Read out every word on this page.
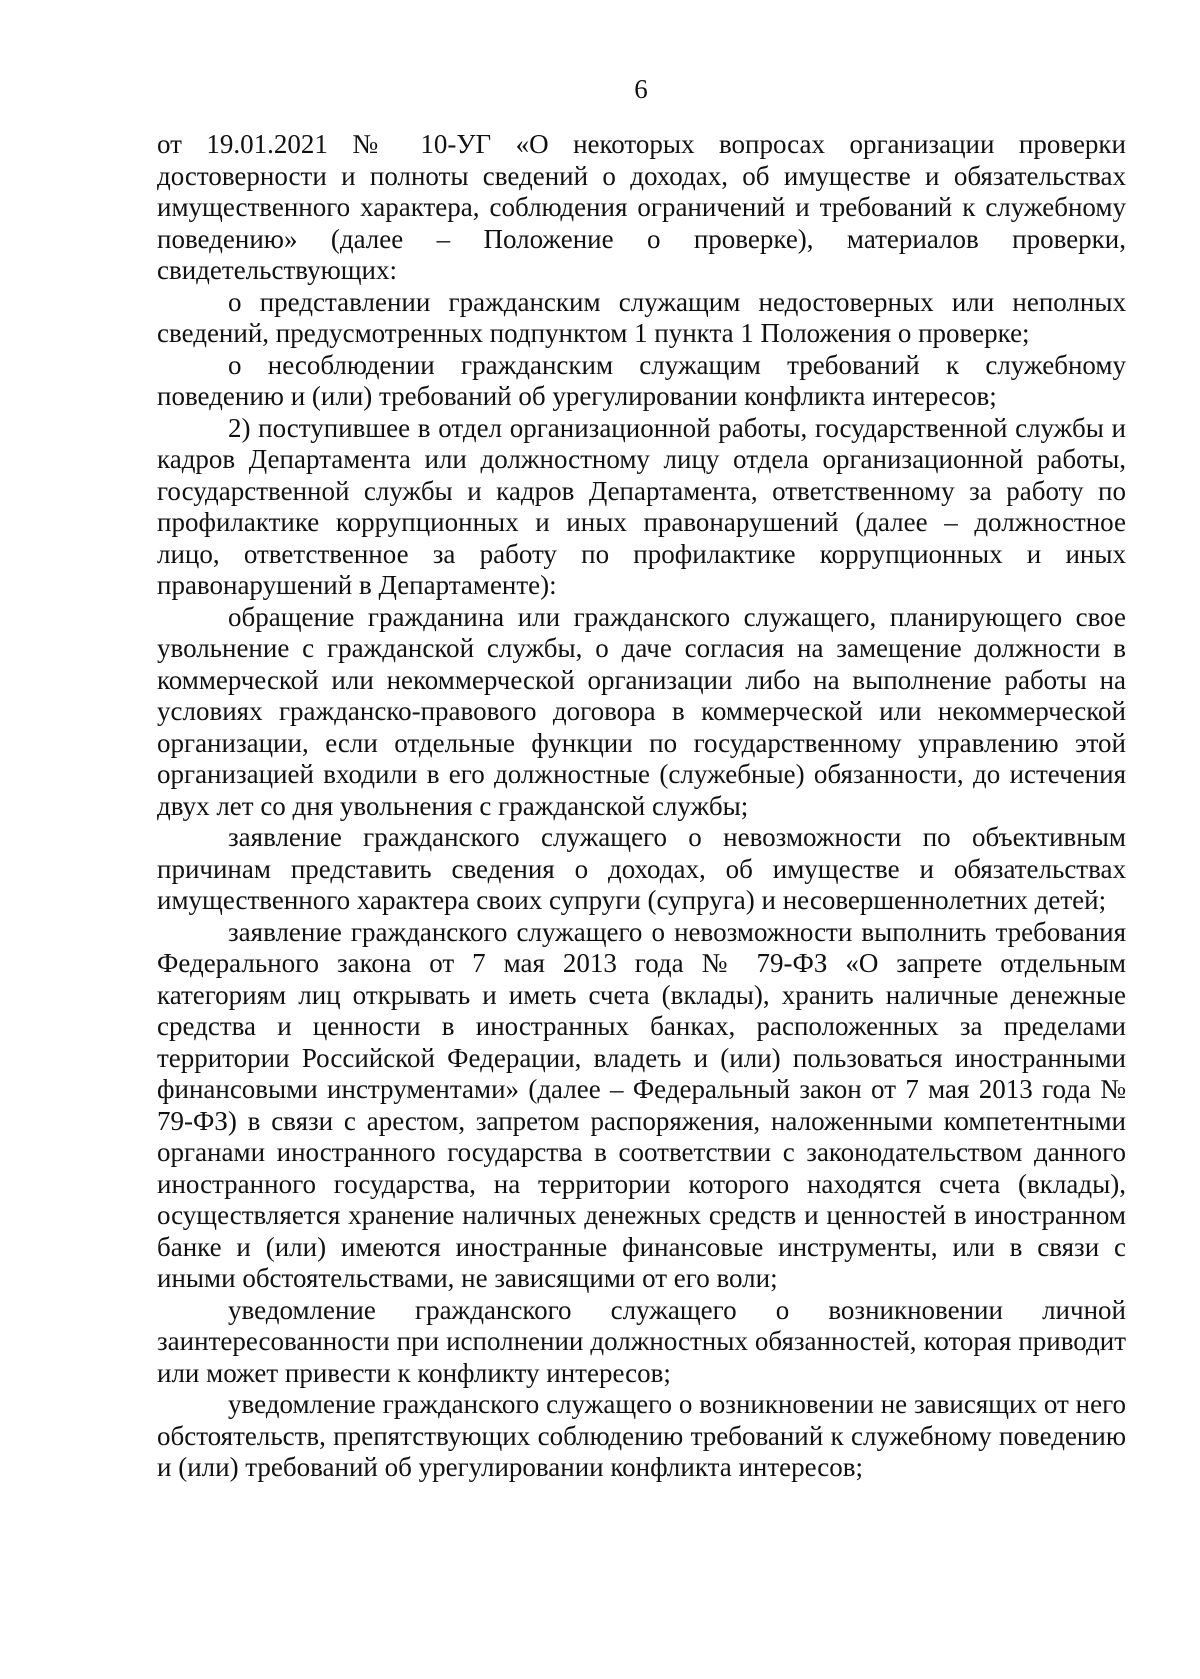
6

от 19.01.2021 № 10-УГ «О некоторых вопросах организации проверки достоверности и полноты сведений о доходах, об имуществе и обязательствах имущественного характера, соблюдения ограничений и требований к служебному поведению» (далее – Положение о проверке), материалов проверки, свидетельствующих:

о представлении гражданским служащим недостоверных или неполных сведений, предусмотренных подпунктом 1 пункта 1 Положения о проверке;

о несоблюдении гражданским служащим требований к служебному поведению и (или) требований об урегулировании конфликта интересов;

2) поступившее в отдел организационной работы, государственной службы и кадров Департамента или должностному лицу отдела организационной работы, государственной службы и кадров Департамента, ответственному за работу по профилактике коррупционных и иных правонарушений (далее – должностное лицо, ответственное за работу по профилактике коррупционных и иных правонарушений в Департаменте):

обращение гражданина или гражданского служащего, планирующего свое увольнение с гражданской службы, о даче согласия на замещение должности в коммерческой или некоммерческой организации либо на выполнение работы на условиях гражданско-правового договора в коммерческой или некоммерческой организации, если отдельные функции по государственному управлению этой организацией входили в его должностные (служебные) обязанности, до истечения двух лет со дня увольнения с гражданской службы;

заявление гражданского служащего о невозможности по объективным причинам представить сведения о доходах, об имуществе и обязательствах имущественного характера своих супруги (супруга) и несовершеннолетних детей;

заявление гражданского служащего о невозможности выполнить требования Федерального закона от 7 мая 2013 года № 79-ФЗ «О запрете отдельным категориям лиц открывать и иметь счета (вклады), хранить наличные денежные средства и ценности в иностранных банках, расположенных за пределами территории Российской Федерации, владеть и (или) пользоваться иностранными финансовыми инструментами» (далее – Федеральный закон от 7 мая 2013 года № 79-ФЗ) в связи с арестом, запретом распоряжения, наложенными компетентными органами иностранного государства в соответствии с законодательством данного иностранного государства, на территории которого находятся счета (вклады), осуществляется хранение наличных денежных средств и ценностей в иностранном банке и (или) имеются иностранные финансовые инструменты, или в связи с иными обстоятельствами, не зависящими от его воли;

уведомление гражданского служащего о возникновении личной заинтересованности при исполнении должностных обязанностей, которая приводит или может привести к конфликту интересов;

уведомление гражданского служащего о возникновении не зависящих от него обстоятельств, препятствующих соблюдению требований к служебному поведению и (или) требований об урегулировании конфликта интересов;
